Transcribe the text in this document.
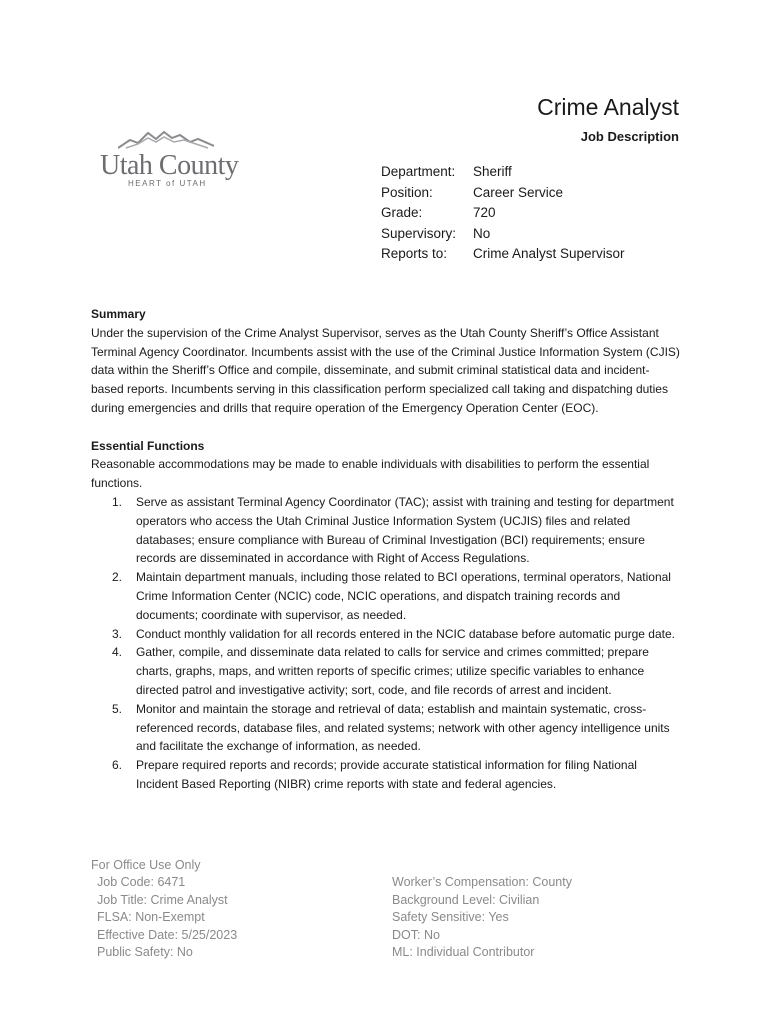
Utah County
HEART of UTAH
Crime Analyst
Job Description
Department: Sheriff
Position:	Career Service
Grade:	720
Supervisory: No
Reports to: Crime Analyst Supervisor

Summary

Under the supervision of the Crime Analyst Supervisor, serves as the Utah County Sheriff’s Office Assistant Terminal Agency Coordinator. Incumbents assist with the use of the Criminal Justice Information System (CJIS) data within the Sheriff’s Office and compile, disseminate, and submit criminal statistical data and incident-based reports. Incumbents serving in this classification perform specialized call taking and dispatching duties during emergencies and drills that require operation of the Emergency Operation Center (EOC).

Essential Functions

Reasonable accommodations may be made to enable individuals with disabilities to perform the essential functions.

1. Serve as assistant Terminal Agency Coordinator (TAC); assist with training and testing for department operators who access the Utah Criminal Justice Information System (UCJIS) files and related databases; ensure compliance with Bureau of Criminal Investigation (BCI) requirements; ensure records are disseminated in accordance with Right of Access Regulations.
2. Maintain department manuals, including those related to BCI operations, terminal operators, National Crime Information Center (NCIC) code, NCIC operations, and dispatch training records and documents; coordinate with supervisor, as needed.
3. Conduct monthly validation for all records entered in the NCIC database before automatic purge date.
4. Gather, compile, and disseminate data related to calls for service and crimes committed; prepare charts, graphs, maps, and written reports of specific crimes; utilize specific variables to enhance directed patrol and investigative activity; sort, code, and file records of arrest and incident.
5. Monitor and maintain the storage and retrieval of data; establish and maintain systematic, cross-referenced records, database files, and related systems; network with other agency intelligence units and facilitate the exchange of information, as needed.
6. Prepare required reports and records; provide accurate statistical information for filing National Incident Based Reporting (NIBR) crime reports with state and federal agencies.

For Office Use Only

Job Code: 6471
Job Title: Crime Analyst
FLSA: Non-Exempt
Effective Date: 5/25/2023
Public Safety: No
Worker’s Compensation: County
Background Level: Civilian
Safety Sensitive: Yes
DOT: No
ML: Individual Contributor
